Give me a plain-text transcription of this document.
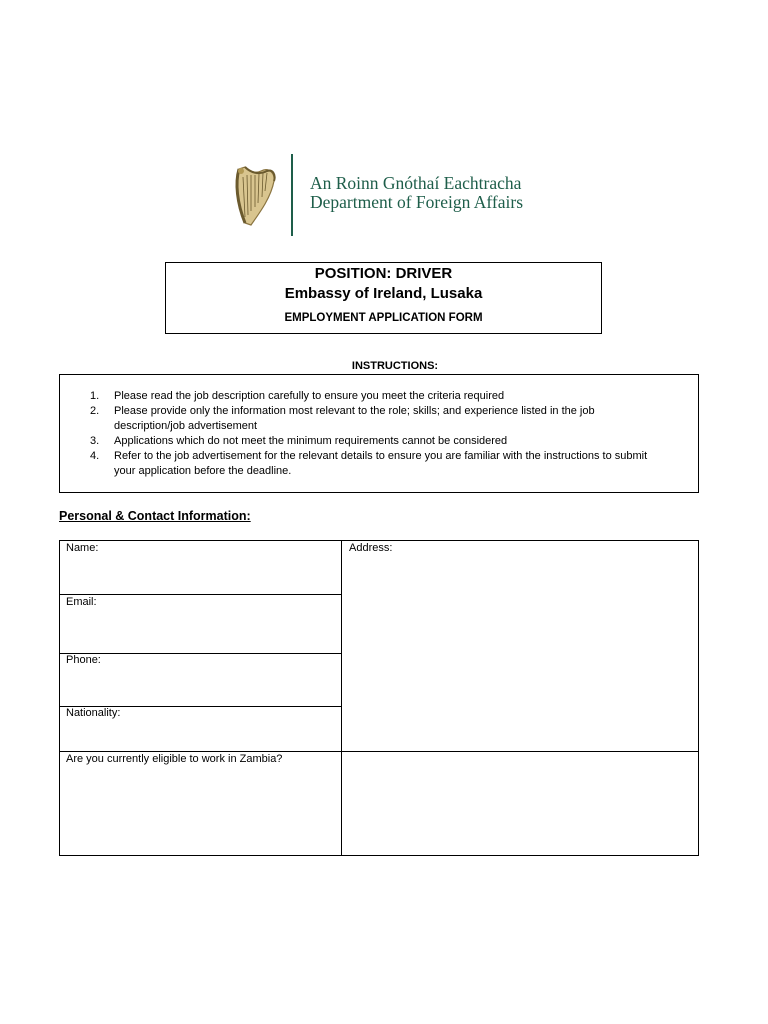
An Roinn Gnóthaí Eachtracha
Department of Foreign Affairs
POSITION: DRIVER
Embassy of Ireland, Lusaka
EMPLOYMENT APPLICATION FORM
INSTRUCTIONS:
1. Please read the job description carefully to ensure you meet the criteria required
2. Please provide only the information most relevant to the role; skills; and experience listed in the job description/job advertisement
3. Applications which do not meet the minimum requirements cannot be considered
4. Refer to the job advertisement for the relevant details to ensure you are familiar with the instructions to submit your application before the deadline.
Personal & Contact Information:
Name:
Email:
Phone:
Nationality:
Address:
Are you currently eligible to work in Zambia?
